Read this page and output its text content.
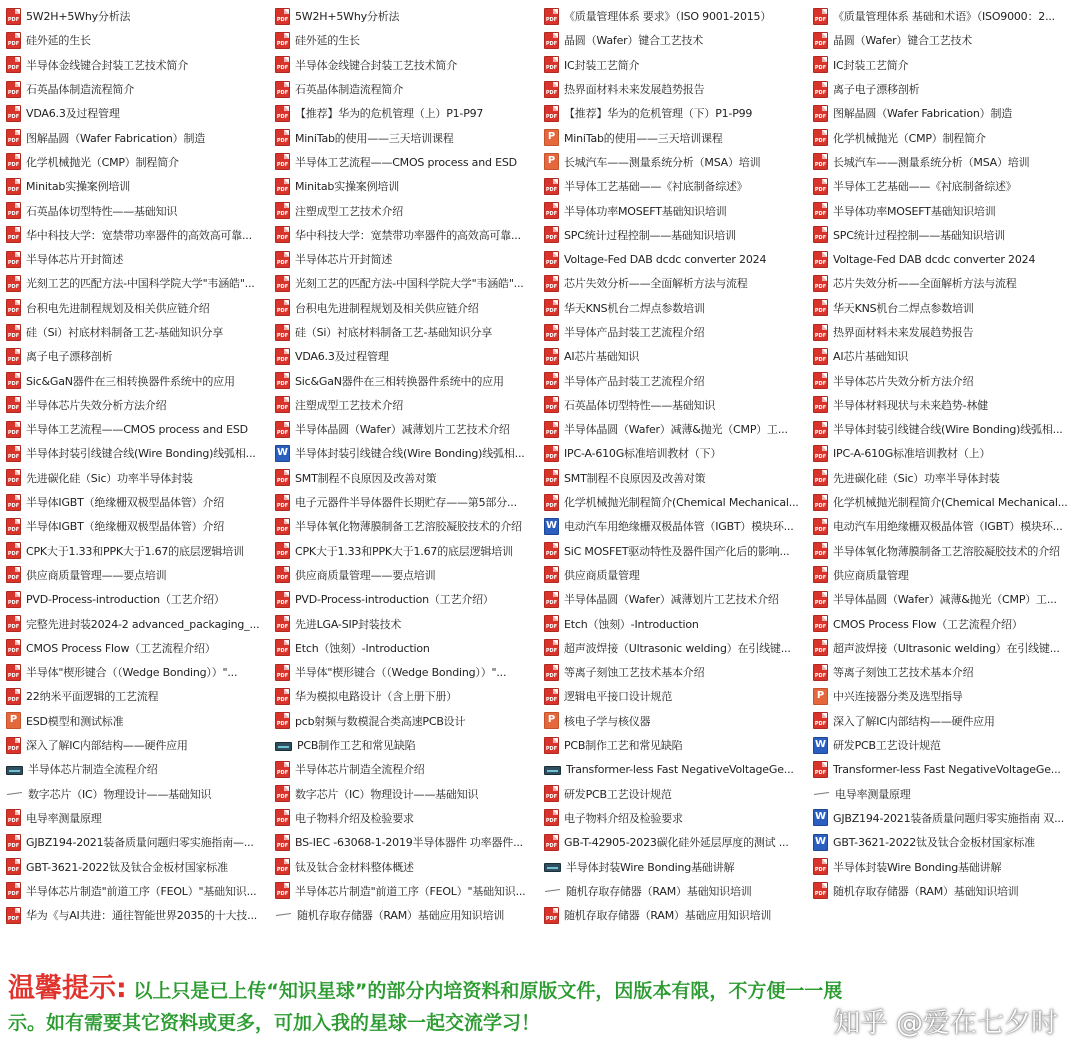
PDF
5W2H+5Why分析法
PDF
硅外延的生长
PDF
半导体金线键合封装工艺技术简介
PDF
石英晶体制造流程简介
PDF
VDA6.3及过程管理
PDF
图解晶圆（Wafer Fabrication）制造
PDF
化学机械抛光（CMP）制程简介
PDF
Minitab实操案例培训
PDF
石英晶体切型特性——基础知识
PDF
华中科技大学：宽禁带功率器件的高效高可靠...
PDF
半导体芯片开封简述
PDF
光刻工艺的匹配方法-中国科学院大学"韦涵皓"...
PDF
台积电先进制程规划及相关供应链介绍
PDF
硅（Si）衬底材料制备工艺-基础知识分享
PDF
离子电子漂移剖析
PDF
Sic&GaN器件在三相转换器件系统中的应用
PDF
半导体芯片失效分析方法介绍
PDF
半导体工艺流程——CMOS process and ESD
PDF
半导体封装引线键合线(Wire Bonding)线弧相...
PDF
先进碳化硅（Sic）功率半导体封装
PDF
半导体IGBT（绝缘栅双极型晶体管）介绍
PDF
半导体IGBT（绝缘栅双极型晶体管）介绍
PDF
CPK大于1.33和PPK大于1.67的底层逻辑培训
PDF
供应商质量管理——要点培训
PDF
PVD-Process-introduction（工艺介绍）
PDF
完整先进封装2024-2 advanced_packaging_...
PDF
CMOS Process Flow（工艺流程介绍）
PDF
半导体"楔形键合（（Wedge Bonding））"...
PDF
22纳米平面逻辑的工艺流程
P
ESD模型和测试标准
PDF
深入了解IC内部结构——硬件应用
半导体芯片制造全流程介绍
数字芯片（IC）物理设计——基础知识
PDF
电导率测量原理
PDF
GJBZ194-2021装备质量问题归零实施指南—...
PDF
GBT-3621-2022钛及钛合金板材国家标准
PDF
半导体芯片制造"前道工序（FEOL）"基础知识...
PDF
华为《与AI共进：通往智能世界2035的十大技...
PDF
5W2H+5Why分析法
PDF
硅外延的生长
PDF
半导体金线键合封装工艺技术简介
PDF
石英晶体制造流程简介
PDF
【推荐】华为的危机管理（上）P1-P97
PDF
MiniTab的使用——三天培训课程
PDF
半导体工艺流程——CMOS process and ESD
PDF
Minitab实操案例培训
PDF
注塑成型工艺技术介绍
PDF
华中科技大学：宽禁带功率器件的高效高可靠...
PDF
半导体芯片开封简述
PDF
光刻工艺的匹配方法-中国科学院大学"韦涵皓"...
PDF
台积电先进制程规划及相关供应链介绍
PDF
硅（Si）衬底材料制备工艺-基础知识分享
PDF
VDA6.3及过程管理
PDF
Sic&GaN器件在三相转换器件系统中的应用
PDF
注塑成型工艺技术介绍
PDF
半导体晶圆（Wafer）减薄划片工艺技术介绍
W
半导体封装引线键合线(Wire Bonding)线弧相...
PDF
SMT制程不良原因及改善对策
PDF
电子元器件半导体器件长期贮存——第5部分...
PDF
半导体氧化物薄膜制备工艺溶胶凝胶技术的介绍
PDF
CPK大于1.33和PPK大于1.67的底层逻辑培训
PDF
供应商质量管理——要点培训
PDF
PVD-Process-introduction（工艺介绍）
PDF
先进LGA-SIP封装技术
PDF
Etch（蚀刻）-Introduction
PDF
半导体"楔形键合（（Wedge Bonding））"...
PDF
华为模拟电路设计（含上册下册）
PDF
pcb射频与数模混合类高速PCB设计
PCB制作工艺和常见缺陷
PDF
半导体芯片制造全流程介绍
PDF
数字芯片（IC）物理设计——基础知识
PDF
电子物料介绍及检验要求
PDF
BS-IEC -63068-1-2019半导体器件 功率器件...
PDF
钛及钛合金材料整体概述
PDF
半导体芯片制造"前道工序（FEOL）"基础知识...
随机存取存储器（RAM）基础应用知识培训
PDF
《质量管理体系 要求》（ISO 9001-2015）
PDF
晶圆（Wafer）键合工艺技术
PDF
IC封装工艺简介
PDF
热界面材料未来发展趋势报告
PDF
【推荐】华为的危机管理（下）P1-P99
P
MiniTab的使用——三天培训课程
P
长城汽车——测量系统分析（MSA）培训
PDF
半导体工艺基础——《衬底制备综述》
PDF
半导体功率MOSEFT基础知识培训
PDF
SPC统计过程控制——基础知识培训
PDF
Voltage-Fed DAB dcdc converter 2024
PDF
芯片失效分析——全面解析方法与流程
PDF
华天KNS机台二焊点参数培训
PDF
半导体产品封装工艺流程介绍
PDF
AI芯片基础知识
PDF
半导体产品封装工艺流程介绍
PDF
石英晶体切型特性——基础知识
PDF
半导体晶圆（Wafer）减薄&抛光（CMP）工...
PDF
IPC-A-610G标准培训教材（下）
PDF
SMT制程不良原因及改善对策
PDF
化学机械抛光制程简介(Chemical Mechanical...
W
电动汽车用绝缘栅双极晶体管（IGBT）模块环...
PDF
SiC MOSFET驱动特性及器件国产化后的影响...
PDF
供应商质量管理
PDF
半导体晶圆（Wafer）减薄划片工艺技术介绍
PDF
Etch（蚀刻）-Introduction
PDF
超声波焊接（Ultrasonic welding）在引线键...
PDF
等离子刻蚀工艺技术基本介绍
PDF
逻辑电平接口设计规范
P
核电子学与核仪器
PDF
PCB制作工艺和常见缺陷
Transformer-less Fast NegativeVoltageGe...
PDF
研发PCB工艺设计规范
PDF
电子物料介绍及检验要求
PDF
GB-T-42905-2023碳化硅外延层厚度的测试 ...
半导体封装Wire Bonding基础讲解
随机存取存储器（RAM）基础知识培训
PDF
随机存取存储器（RAM）基础应用知识培训
PDF
《质量管理体系 基础和术语》（ISO9000：2...
PDF
晶圆（Wafer）键合工艺技术
PDF
IC封装工艺简介
PDF
离子电子漂移剖析
PDF
图解晶圆（Wafer Fabrication）制造
PDF
化学机械抛光（CMP）制程简介
PDF
长城汽车——测量系统分析（MSA）培训
PDF
半导体工艺基础——《衬底制备综述》
PDF
半导体功率MOSEFT基础知识培训
PDF
SPC统计过程控制——基础知识培训
PDF
Voltage-Fed DAB dcdc converter 2024
PDF
芯片失效分析——全面解析方法与流程
PDF
华天KNS机台二焊点参数培训
PDF
热界面材料未来发展趋势报告
PDF
AI芯片基础知识
PDF
半导体芯片失效分析方法介绍
PDF
半导体材料现状与未来趋势-林健
PDF
半导体封装引线键合线(Wire Bonding)线弧相...
PDF
IPC-A-610G标准培训教材（上）
PDF
先进碳化硅（Sic）功率半导体封装
PDF
化学机械抛光制程简介(Chemical Mechanical...
PDF
电动汽车用绝缘栅双极晶体管（IGBT）模块环...
PDF
半导体氧化物薄膜制备工艺溶胶凝胶技术的介绍
PDF
供应商质量管理
PDF
半导体晶圆（Wafer）减薄&抛光（CMP）工...
PDF
CMOS Process Flow（工艺流程介绍）
PDF
超声波焊接（Ultrasonic welding）在引线键...
PDF
等离子刻蚀工艺技术基本介绍
P
中兴连接器分类及选型指导
PDF
深入了解IC内部结构——硬件应用
W
研发PCB工艺设计规范
PDF
Transformer-less Fast NegativeVoltageGe...
电导率测量原理
W
GJBZ194-2021装备质量问题归零实施指南 双...
W
GBT-3621-2022钛及钛合金板材国家标准
PDF
半导体封装Wire Bonding基础讲解
PDF
随机存取存储器（RAM）基础知识培训
温馨提示: 以上只是已上传“知识星球”的部分内培资料和原版文件，因版本有限，不方便一一展
示。如有需要其它资料或更多，可加入我的星球一起交流学习！	知乎 @爱在七夕时
